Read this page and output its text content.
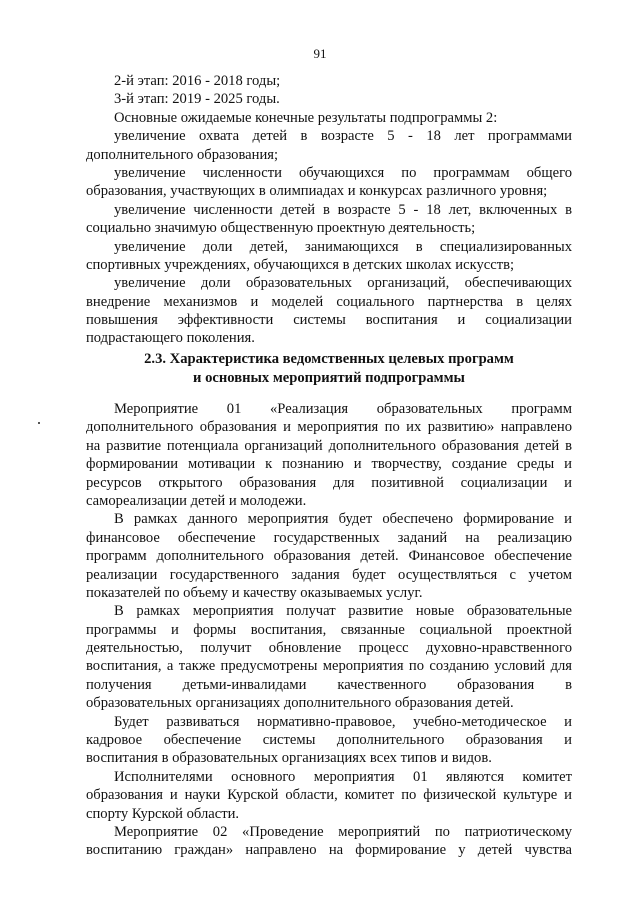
91
2-й этап: 2016 - 2018 годы;
3-й этап: 2019 - 2025 годы.
Основные ожидаемые конечные результаты подпрограммы 2:
увеличение охвата детей в возрасте 5 - 18 лет программами
дополнительного образования;
увеличение численности обучающихся по программам общего
образования, участвующих в олимпиадах и конкурсах различного уровня;
увеличение численности детей в возрасте 5 - 18 лет, включенных в
социально значимую общественную проектную деятельность;
увеличение доли детей, занимающихся в специализированных
спортивных учреждениях, обучающихся в детских школах искусств;
увеличение доли образовательных организаций, обеспечивающих
внедрение механизмов и моделей социального партнерства в целях
повышения эффективности системы воспитания и социализации
подрастающего поколения.
2.3. Характеристика ведомственных целевых программ
и основных мероприятий подпрограммы
Мероприятие 01 «Реализация образовательных программ
дополнительного образования и мероприятия по их развитию» направлено
на развитие потенциала организаций дополнительного образования детей в
формировании мотивации к познанию и творчеству, создание среды и
ресурсов открытого образования для позитивной социализации и
самореализации детей и молодежи.
В рамках данного мероприятия будет обеспечено формирование и
финансовое обеспечение государственных заданий на реализацию
программ дополнительного образования детей. Финансовое обеспечение
реализации государственного задания будет осуществляться с учетом
показателей по объему и качеству оказываемых услуг.
В рамках мероприятия получат развитие новые образовательные
программы и формы воспитания, связанные социальной проектной
деятельностью, получит обновление процесс духовно-нравственного
воспитания, а также предусмотрены мероприятия по созданию условий для
получения детьми-инвалидами качественного образования в
образовательных организациях дополнительного образования детей.
Будет развиваться нормативно-правовое, учебно-методическое и
кадровое обеспечение системы дополнительного образования и
воспитания в образовательных организациях всех типов и видов.
Исполнителями основного мероприятия 01 являются комитет
образования и науки Курской области, комитет по физической культуре и
спорту Курской области.
Мероприятие 02 «Проведение мероприятий по патриотическому
воспитанию граждан» направлено на формирование у детей чувства
